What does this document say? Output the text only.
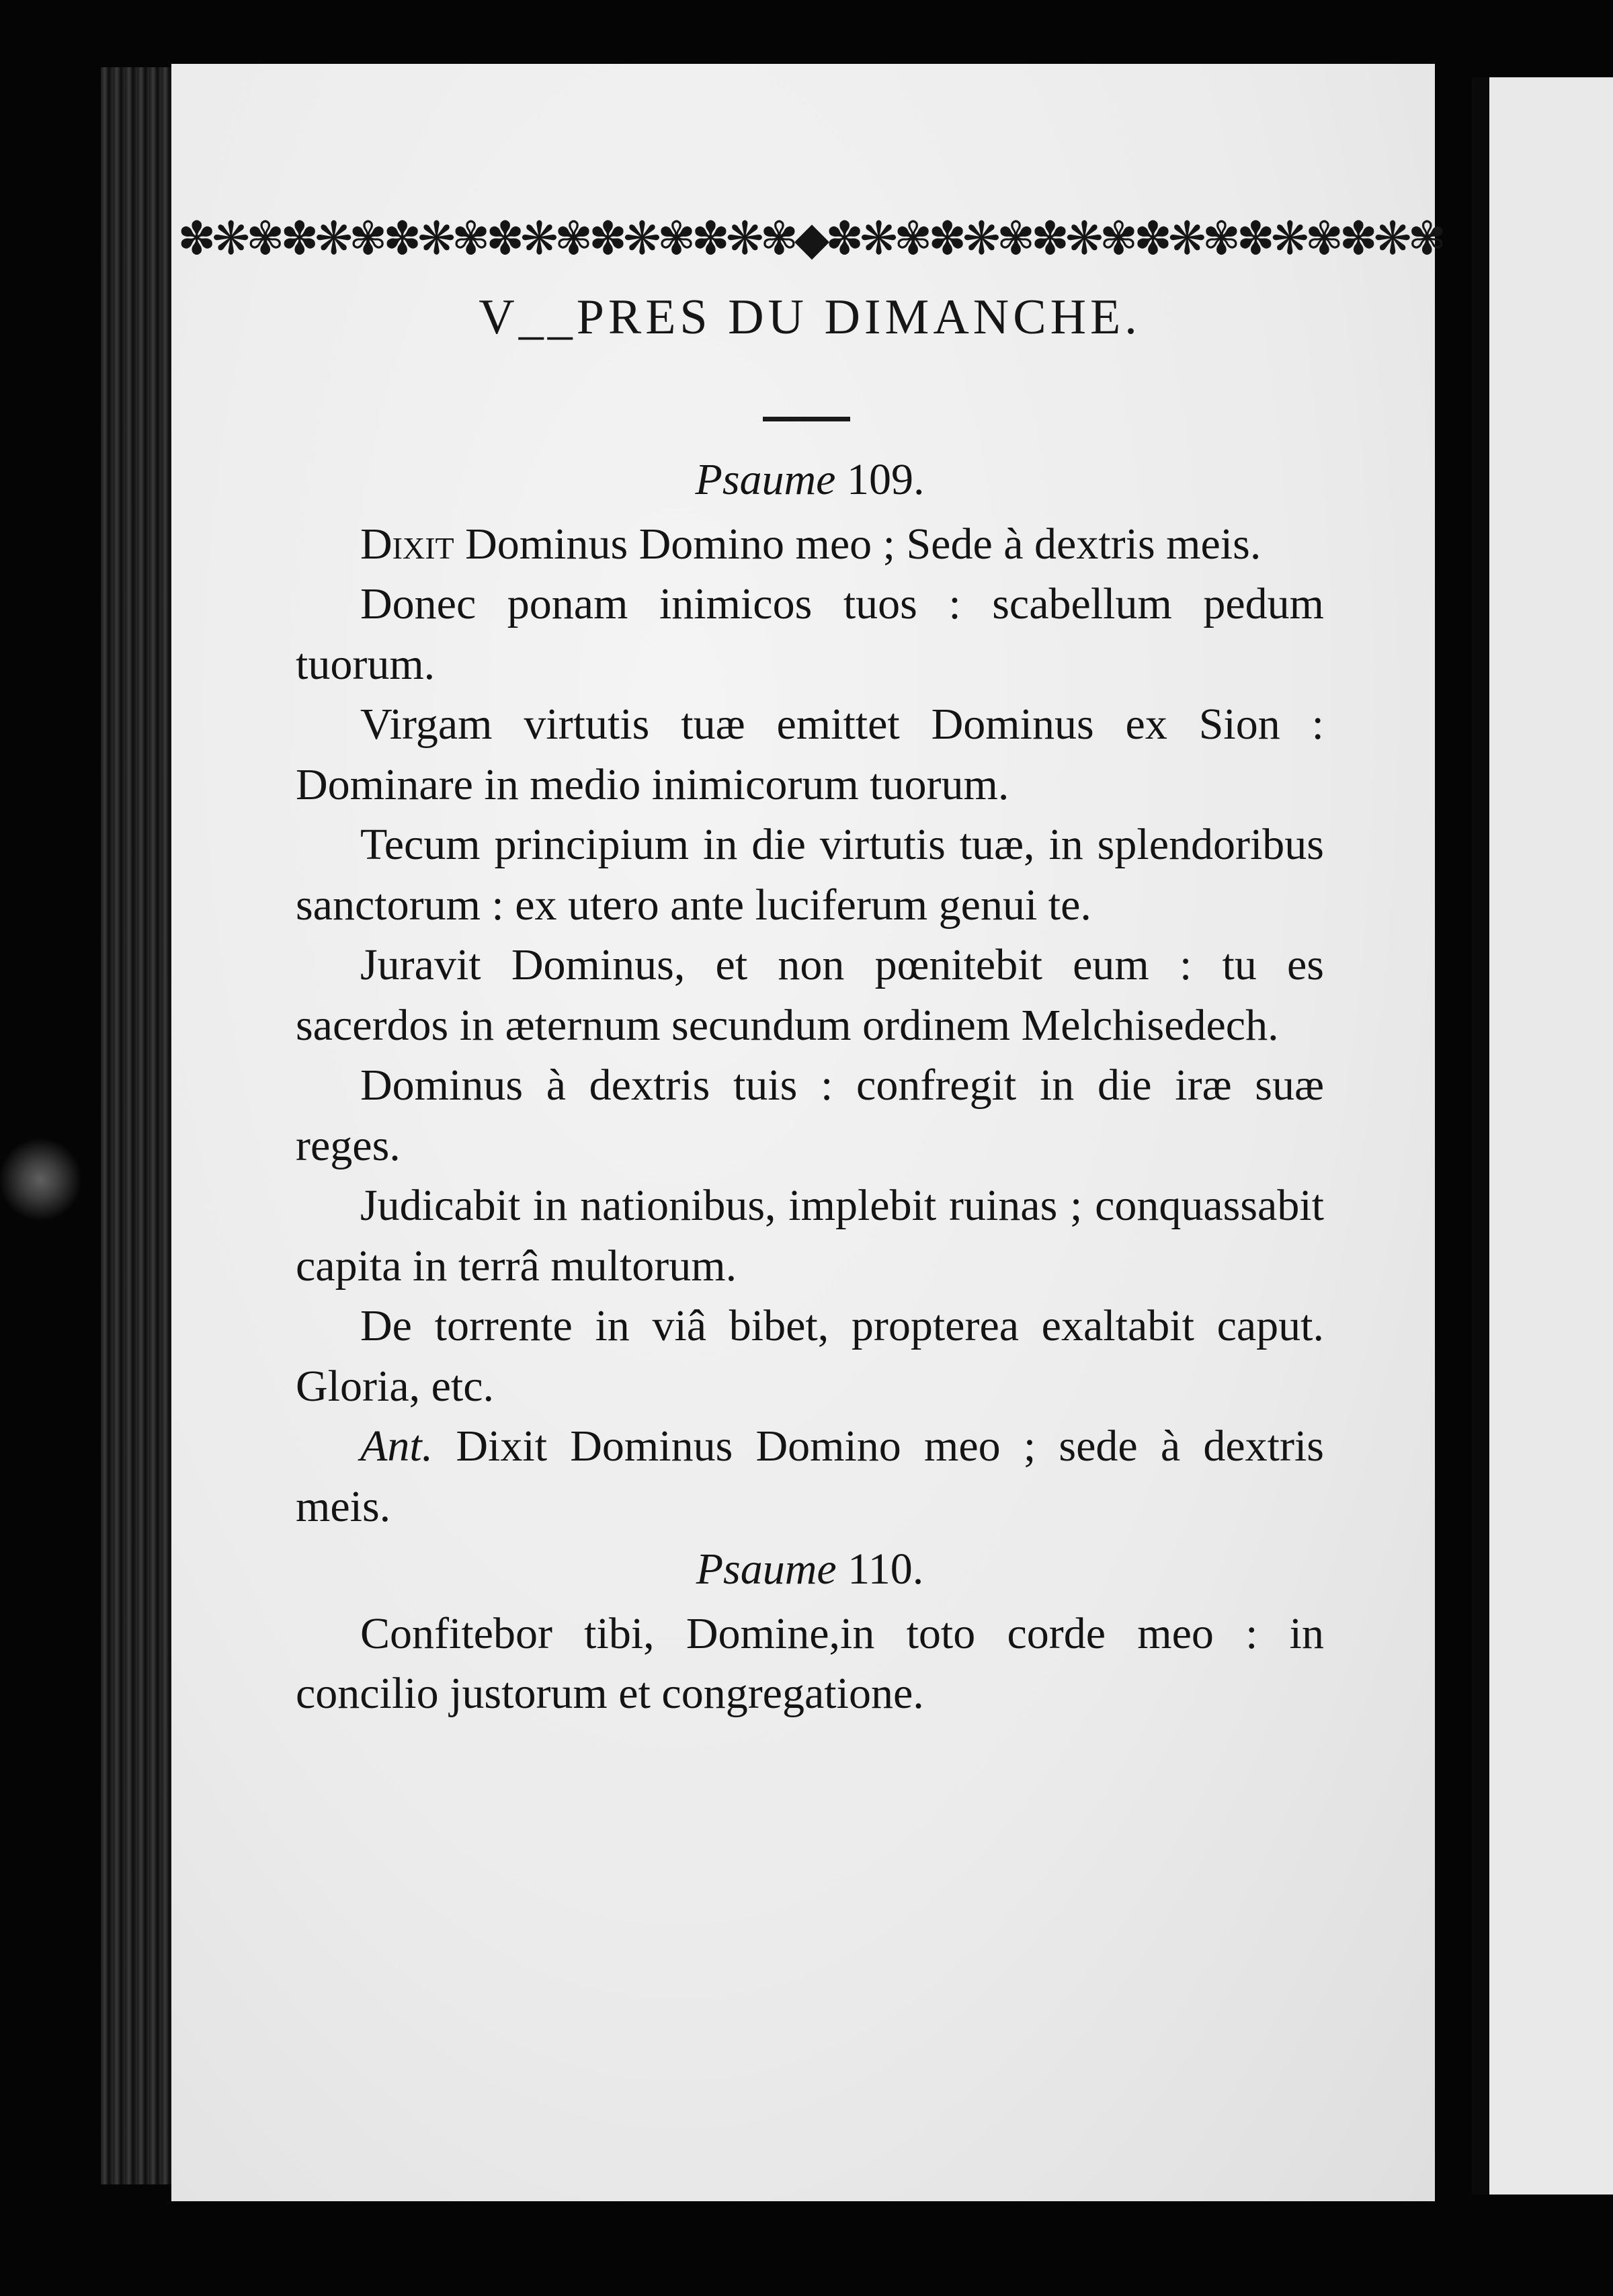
✽❋✾✽❋✾✽❋✾✽❋✾✽❋✾✽❋✾◆✽❋✾✽❋✾✽❋✾✽❋✾✽❋✾✽❋✾
V__PRES DU DIMANCHE.

Psaume 109.

Dixit Dominus Domino meo ; Sede à dextris meis.

Donec ponam inimicos tuos : scabellum pedum tuorum.

Virgam virtutis tuæ emittet Dominus ex Sion : Dominare in medio inimicorum tuorum.

Tecum principium in die virtutis tuæ, in splendoribus sanctorum : ex utero ante luciferum genui te.

Juravit Dominus, et non pœnitebit eum : tu es sacerdos in æternum secundum ordinem Melchisedech.

Dominus à dextris tuis : confregit in die iræ suæ reges.

Judicabit in nationibus, implebit ruinas ; conquassabit capita in terrâ multorum.

De torrente in viâ bibet, propterea exaltabit caput. Gloria, etc.

Ant. Dixit Dominus Domino meo ; sede à dextris meis.

Psaume 110.

Confitebor tibi, Domine,in toto corde meo : in concilio justorum et congregatione.
